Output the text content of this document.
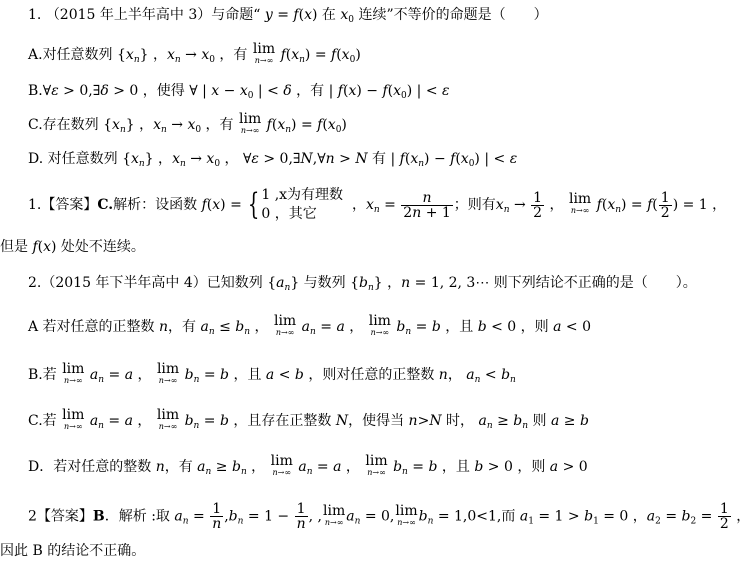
1. （2015 年上半年高中 3）与命题“ y = f(x) 在 $x_0$ 连续”不等价的命题是（　　）
A.对任意数列 $\{x_n\}$ ，$x_n \to x_0$ ，有 lim
n→∞ $f(x_n) = f(x_0)$
B.∀ε > 0,∃δ > 0 ，使得 ∀ | $x - x_0$ | < δ ，有 | $f(x) - f(x_0)$ | < ε
C.存在数列 $\{x_n\}$ ，$x_n \to x_0$ ，有 lim
n→∞ $f(x_n) = f(x_0)$
D. 对任意数列 $\{x_n\}$ ，$x_n \to x_0$ ， ∀ε > 0,∃N,∀n > N 有 | $f(x_n) - f(x_0)$ | < ε
1.【答案】C.解析：设函数 f(x) = { 1 ,x为有理数
0 ，其它
，$x_n = \frac{n}{2n + 1}$ ；则有$x_n \to \frac{1}{2}$ ， lim
n→∞ $f(x_n) = f( \frac{1}{2}$ ) = 1 ，
但是 f(x) 处处不连续。
2.（2015 年下半年高中 4）已知数列 $\{a_n\}$ 与数列 $\{b_n\}$ ，n = 1, 2, 3⋯ 则下列结论不正确的是（　　）。
A 若对任意的正整数 n，有 $a_n \le b_n$ ， lim
n→∞ $a_n = a$ ， lim
n→∞ $b_n = b$ ，且 b < 0 ，则 a < 0
B.若 lim
n→∞ $a_n = a$ ， lim
n→∞ $b_n = b$ ，且 a < b ，则对任意的正整数 n， $a_n < b_n$
C.若 lim
n→∞ $a_n = a$ ， lim
n→∞ $b_n = b$ ，且存在正整数 N，使得当 n>N 时， $a_n \ge b_n$ 则 a ≥ b
D．若对任意的整数 n，有 $a_n \ge b_n$ ， lim
n→∞ $a_n = a$ ， lim
n→∞ $b_n = b$ ，且 b > 0 ，则 a > 0
2【答案】B．解析 :取 $a_n = \frac{1}{n} ,b_n = 1 - \frac{1}{n}$ , , lim
n→∞ $a_n = 0$, lim
n→∞ $b_n = 1,0<1$,而 $a_1 = 1 > b_1 = 0$ ，$a_2 = b_2 = \frac{1}{2}$ ，
因此 B 的结论不正确。
